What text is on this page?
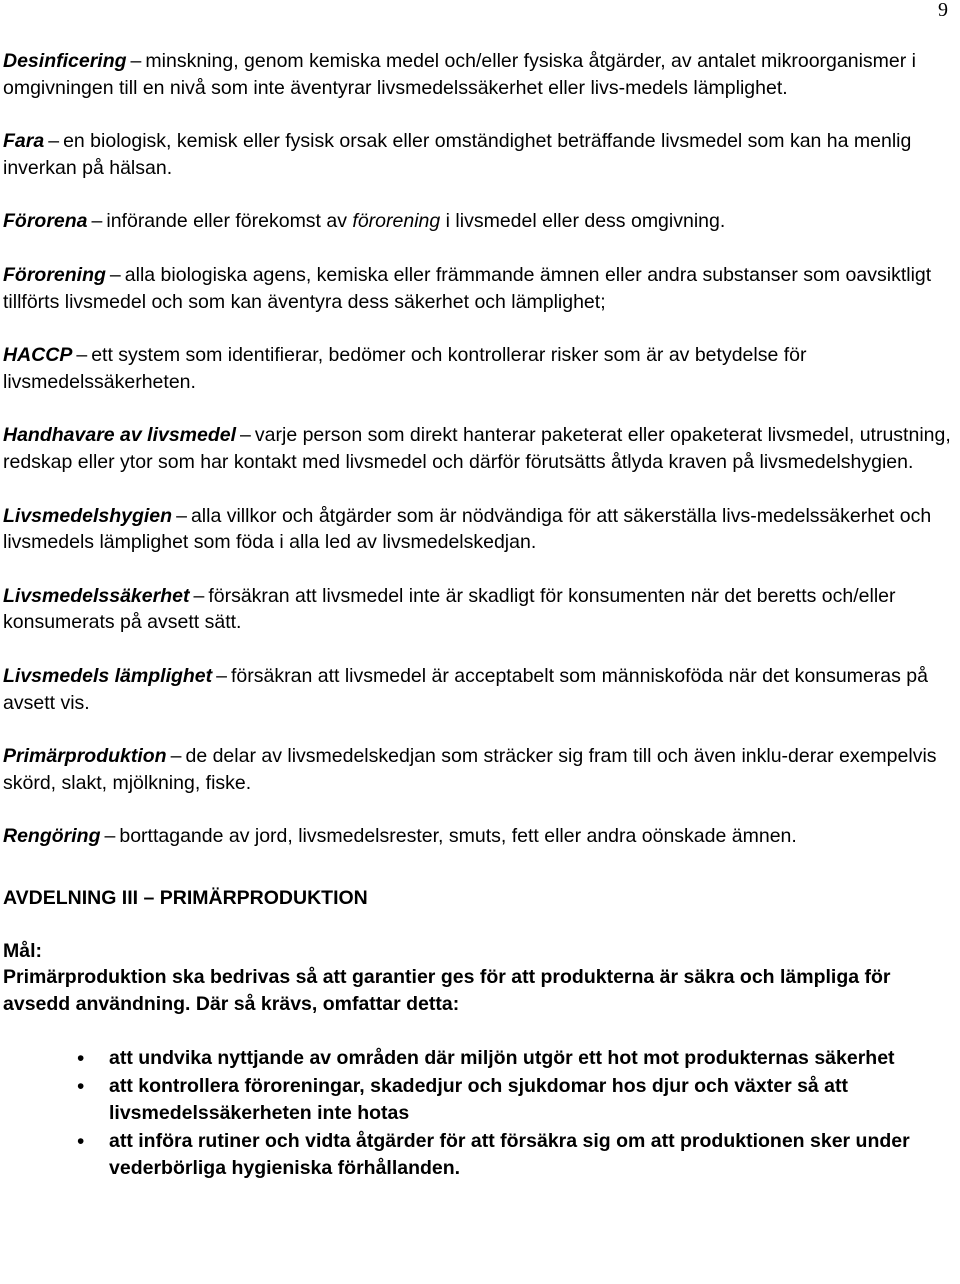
9

Desinficering – minskning, genom kemiska medel och/eller fysiska åtgärder, av antalet mikroorganismer i omgivningen till en nivå som inte äventyrar livsmedelssäkerhet eller livs-medels lämplighet.

Fara – en biologisk, kemisk eller fysisk orsak eller omständighet beträffande livsmedel som kan ha menlig inverkan på hälsan.

Förorena – införande eller förekomst av förorening i livsmedel eller dess omgivning.

Förorening – alla biologiska agens, kemiska eller främmande ämnen eller andra substanser som oavsiktligt tillförts livsmedel och som kan äventyra dess säkerhet och lämplighet;

HACCP – ett system som identifierar, bedömer och kontrollerar risker som är av betydelse för livsmedelssäkerheten.

Handhavare av livsmedel – varje person som direkt hanterar paketerat eller opaketerat livsmedel, utrustning, redskap eller ytor som har kontakt med livsmedel och därför förutsätts åtlyda kraven på livsmedelshygien.

Livsmedelshygien – alla villkor och åtgärder som är nödvändiga för att säkerställa livs-medelssäkerhet och livsmedels lämplighet som föda i alla led av livsmedelskedjan.

Livsmedelssäkerhet – försäkran att livsmedel inte är skadligt för konsumenten när det beretts och/eller konsumerats på avsett sätt.

Livsmedels lämplighet – försäkran att livsmedel är acceptabelt som människoföda när det konsumeras på avsett vis.

Primärproduktion – de delar av livsmedelskedjan som sträcker sig fram till och även inklu-derar exempelvis skörd, slakt, mjölkning, fiske.

Rengöring – borttagande av jord, livsmedelsrester, smuts, fett eller andra oönskade ämnen.

AVDELNING III – PRIMÄRPRODUKTION
Mål:
Primärproduktion ska bedrivas så att garantier ges för att produkterna är säkra och lämpliga för avsedd användning. Där så krävs, omfattar detta:
• att undvika nyttjande av områden där miljön utgör ett hot mot produkternas säkerhet
• att kontrollera föroreningar, skadedjur och sjukdomar hos djur och växter så att livsmedelssäkerheten inte hotas
• att införa rutiner och vidta åtgärder för att försäkra sig om att produktionen sker under vederbörliga hygieniska förhållanden.
